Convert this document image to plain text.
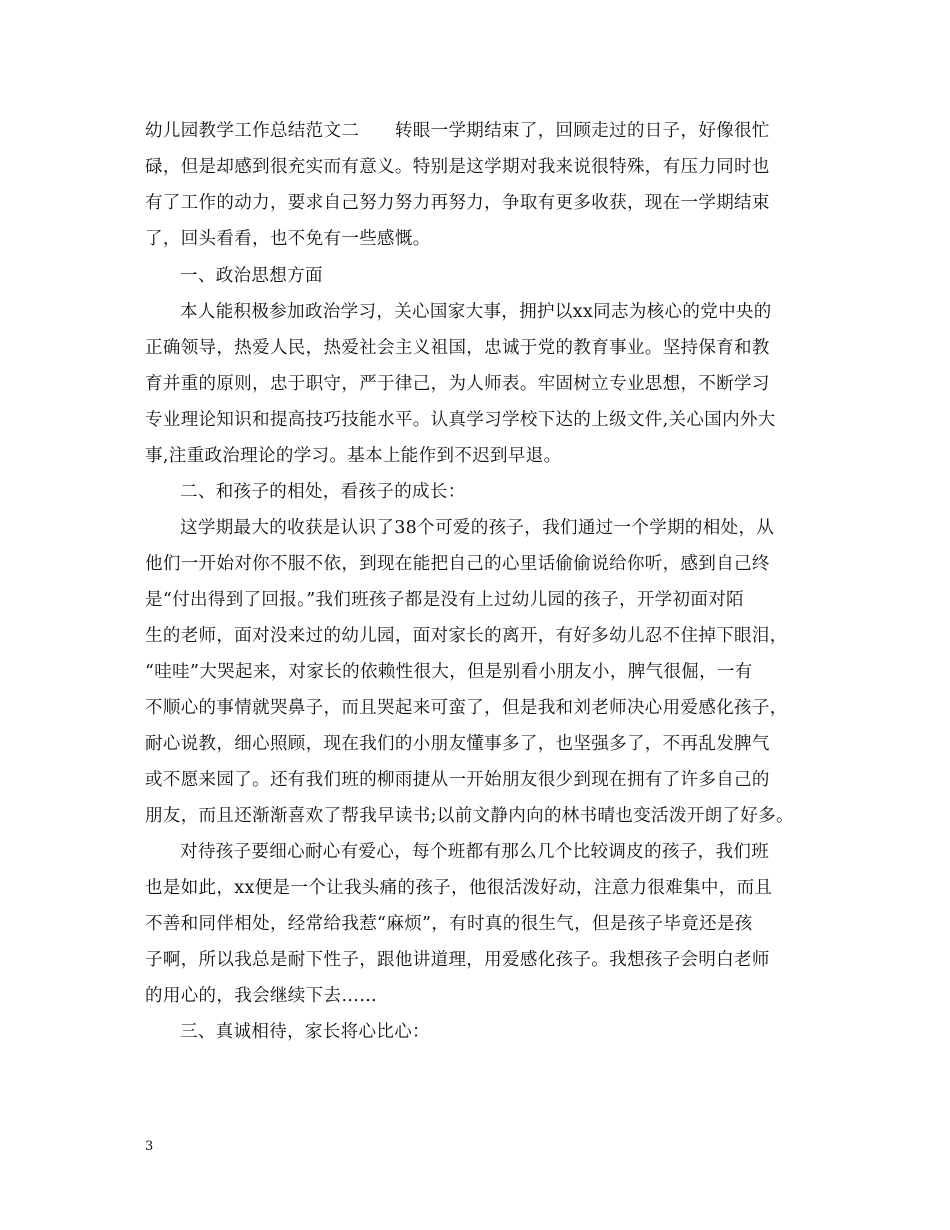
幼儿园教学工作总结范文二　　转眼一学期结束了，回顾走过的日子，好像很忙
碌，但是却感到很充实而有意义。特别是这学期对我来说很特殊，有压力同时也
有了工作的动力，要求自己努力努力再努力，争取有更多收获，现在一学期结束
了，回头看看，也不免有一些感慨。
一、政治思想方面
本人能积极参加政治学习，关心国家大事，拥护以xx同志为核心的党中央的
正确领导，热爱人民，热爱社会主义祖国，忠诚于党的教育事业。坚持保育和教
育并重的原则，忠于职守，严于律己，为人师表。牢固树立专业思想，不断学习
专业理论知识和提高技巧技能水平。认真学习学校下达的上级文件,关心国内外大
事,注重政治理论的学习。基本上能作到不迟到早退。
二、和孩子的相处，看孩子的成长：
这学期最大的收获是认识了38个可爱的孩子，我们通过一个学期的相处，从
他们一开始对你不服不依，到现在能把自己的心里话偷偷说给你听，感到自己终
是“付出得到了回报。”我们班孩子都是没有上过幼儿园的孩子，开学初面对陌
生的老师，面对没来过的幼儿园，面对家长的离开，有好多幼儿忍不住掉下眼泪，
“哇哇”大哭起来，对家长的依赖性很大，但是别看小朋友小，脾气很倔，一有
不顺心的事情就哭鼻子，而且哭起来可蛮了，但是我和刘老师决心用爱感化孩子，
耐心说教，细心照顾，现在我们的小朋友懂事多了，也坚强多了，不再乱发脾气
或不愿来园了。还有我们班的柳雨捷从一开始朋友很少到现在拥有了许多自己的
朋友，而且还渐渐喜欢了帮我早读书;以前文静内向的林书晴也变活泼开朗了好多。
对待孩子要细心耐心有爱心，每个班都有那么几个比较调皮的孩子，我们班
也是如此，xx便是一个让我头痛的孩子，他很活泼好动，注意力很难集中，而且
不善和同伴相处，经常给我惹“麻烦”，有时真的很生气，但是孩子毕竟还是孩
子啊，所以我总是耐下性子，跟他讲道理，用爱感化孩子。我想孩子会明白老师
的用心的，我会继续下去……
三、真诚相待，家长将心比心：
3
